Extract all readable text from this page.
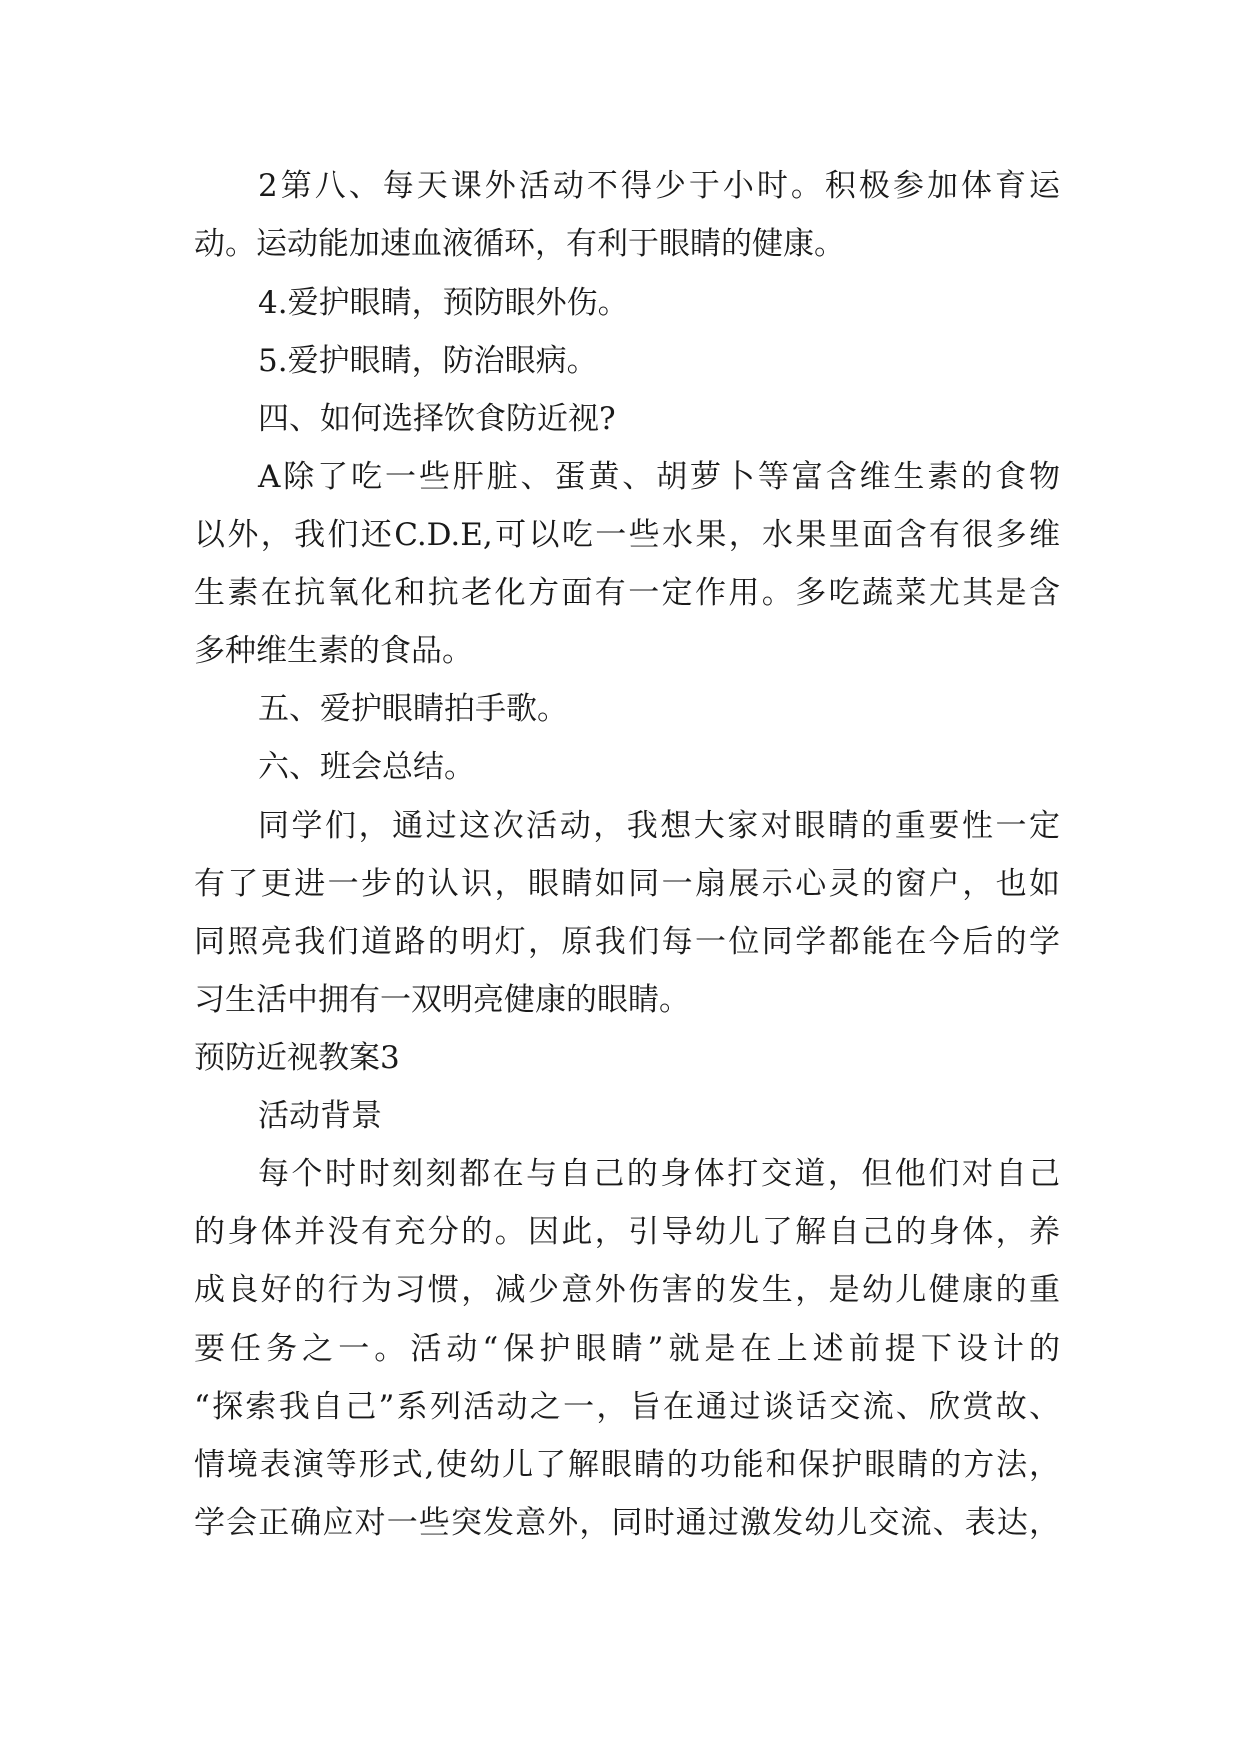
2第八、每天课外活动不得少于小时。积极参加体育运
动。运动能加速血液循环，有利于眼睛的健康。
4.爱护眼睛，预防眼外伤。
5.爱护眼睛，防治眼病。
四、如何选择饮食防近视?
A除了吃一些肝脏、蛋黄、胡萝卜等富含维生素的食物
以外，我们还C.D.E,可以吃一些水果，水果里面含有很多维
生素在抗氧化和抗老化方面有一定作用。多吃蔬菜尤其是含
多种维生素的食品。
五、爱护眼睛拍手歌。
六、班会总结。
同学们，通过这次活动，我想大家对眼睛的重要性一定
有了更进一步的认识，眼睛如同一扇展示心灵的窗户，也如
同照亮我们道路的明灯，原我们每一位同学都能在今后的学
习生活中拥有一双明亮健康的眼睛。
预防近视教案3
活动背景
每个时时刻刻都在与自己的身体打交道，但他们对自己
的身体并没有充分的。因此，引导幼儿了解自己的身体，养
成良好的行为习惯，减少意外伤害的发生，是幼儿健康的重
要任务之一。活动“保护眼睛”就是在上述前提下设计的
“探索我自己”系列活动之一，旨在通过谈话交流、欣赏故、
情境表演等形式,使幼儿了解眼睛的功能和保护眼睛的方法，
学会正确应对一些突发意外，同时通过激发幼儿交流、表达，
